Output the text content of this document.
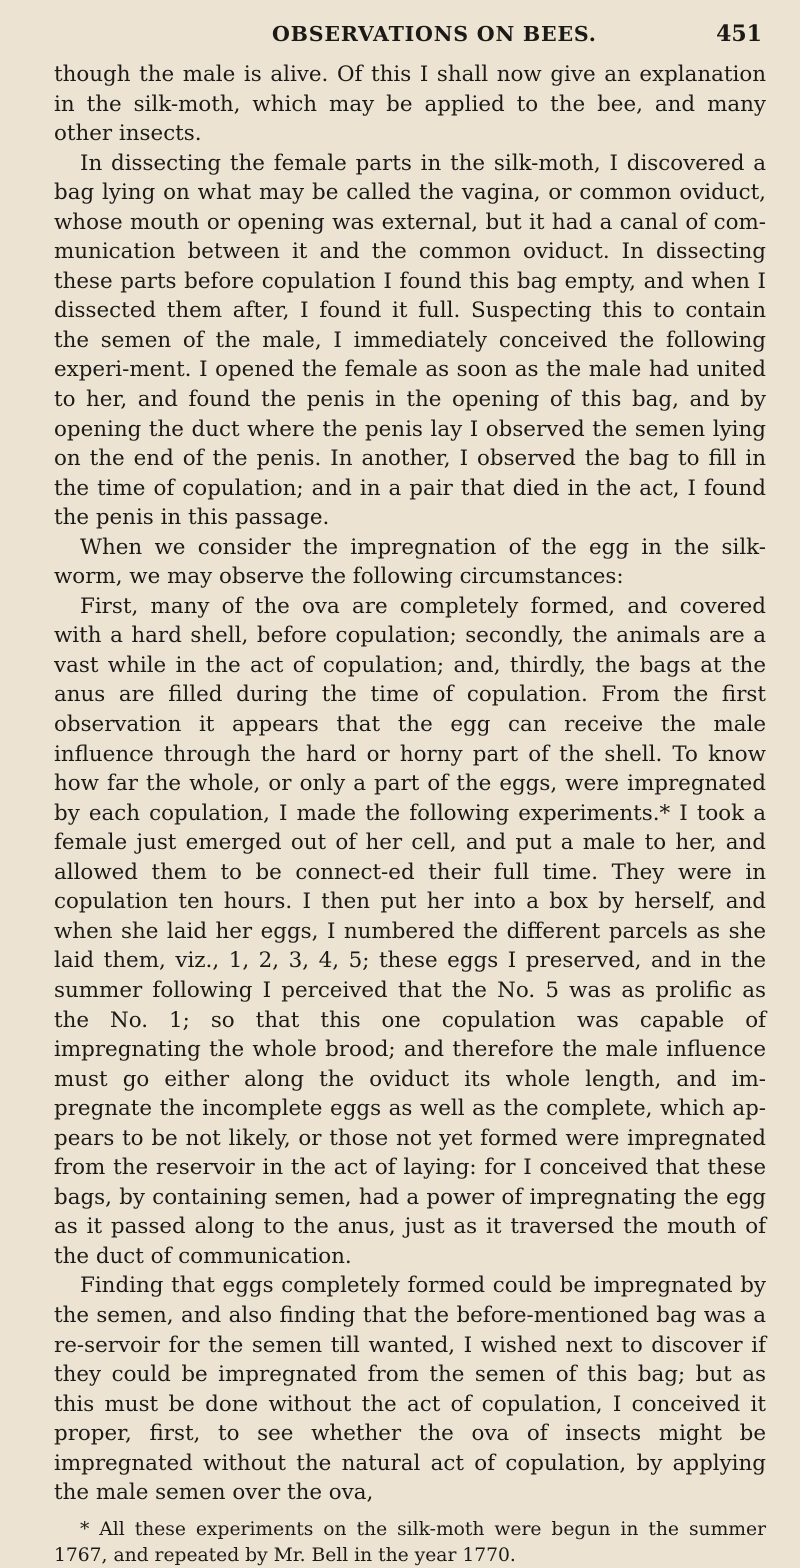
OBSERVATIONS ON BEES.	451

though the male is alive. Of this I shall now give an explanation in the silk-moth, which may be applied to the bee, and many other insects.

In dissecting the female parts in the silk-moth, I discovered a bag lying on what may be called the vagina, or common oviduct, whose mouth or opening was external, but it had a canal of com-munication between it and the common oviduct. In dissecting these parts before copulation I found this bag empty, and when I dissected them after, I found it full. Suspecting this to contain the semen of the male, I immediately conceived the following experi-ment. I opened the female as soon as the male had united to her, and found the penis in the opening of this bag, and by opening the duct where the penis lay I observed the semen lying on the end of the penis. In another, I observed the bag to fill in the time of copulation; and in a pair that died in the act, I found the penis in this passage.

When we consider the impregnation of the egg in the silk-worm, we may observe the following circumstances:

First, many of the ova are completely formed, and covered with a hard shell, before copulation; secondly, the animals are a vast while in the act of copulation; and, thirdly, the bags at the anus are filled during the time of copulation. From the first observation it appears that the egg can receive the male influence through the hard or horny part of the shell. To know how far the whole, or only a part of the eggs, were impregnated by each copulation, I made the following experiments.* I took a female just emerged out of her cell, and put a male to her, and allowed them to be connect-ed their full time. They were in copulation ten hours. I then put her into a box by herself, and when she laid her eggs, I numbered the different parcels as she laid them, viz., 1, 2, 3, 4, 5; these eggs I preserved, and in the summer following I perceived that the No. 5 was as prolific as the No. 1; so that this one copulation was capable of impregnating the whole brood; and therefore the male influence must go either along the oviduct its whole length, and im-pregnate the incomplete eggs as well as the complete, which ap-pears to be not likely, or those not yet formed were impregnated from the reservoir in the act of laying: for I conceived that these bags, by containing semen, had a power of impregnating the egg as it passed along to the anus, just as it traversed the mouth of the duct of communication.

Finding that eggs completely formed could be impregnated by the semen, and also finding that the before-mentioned bag was a re-servoir for the semen till wanted, I wished next to discover if they could be impregnated from the semen of this bag; but as this must be done without the act of copulation, I conceived it proper, first, to see whether the ova of insects might be impregnated without the natural act of copulation, by applying the male semen over the ova,

* All these experiments on the silk-moth were begun in the summer 1767, and repeated by Mr. Bell in the year 1770.
